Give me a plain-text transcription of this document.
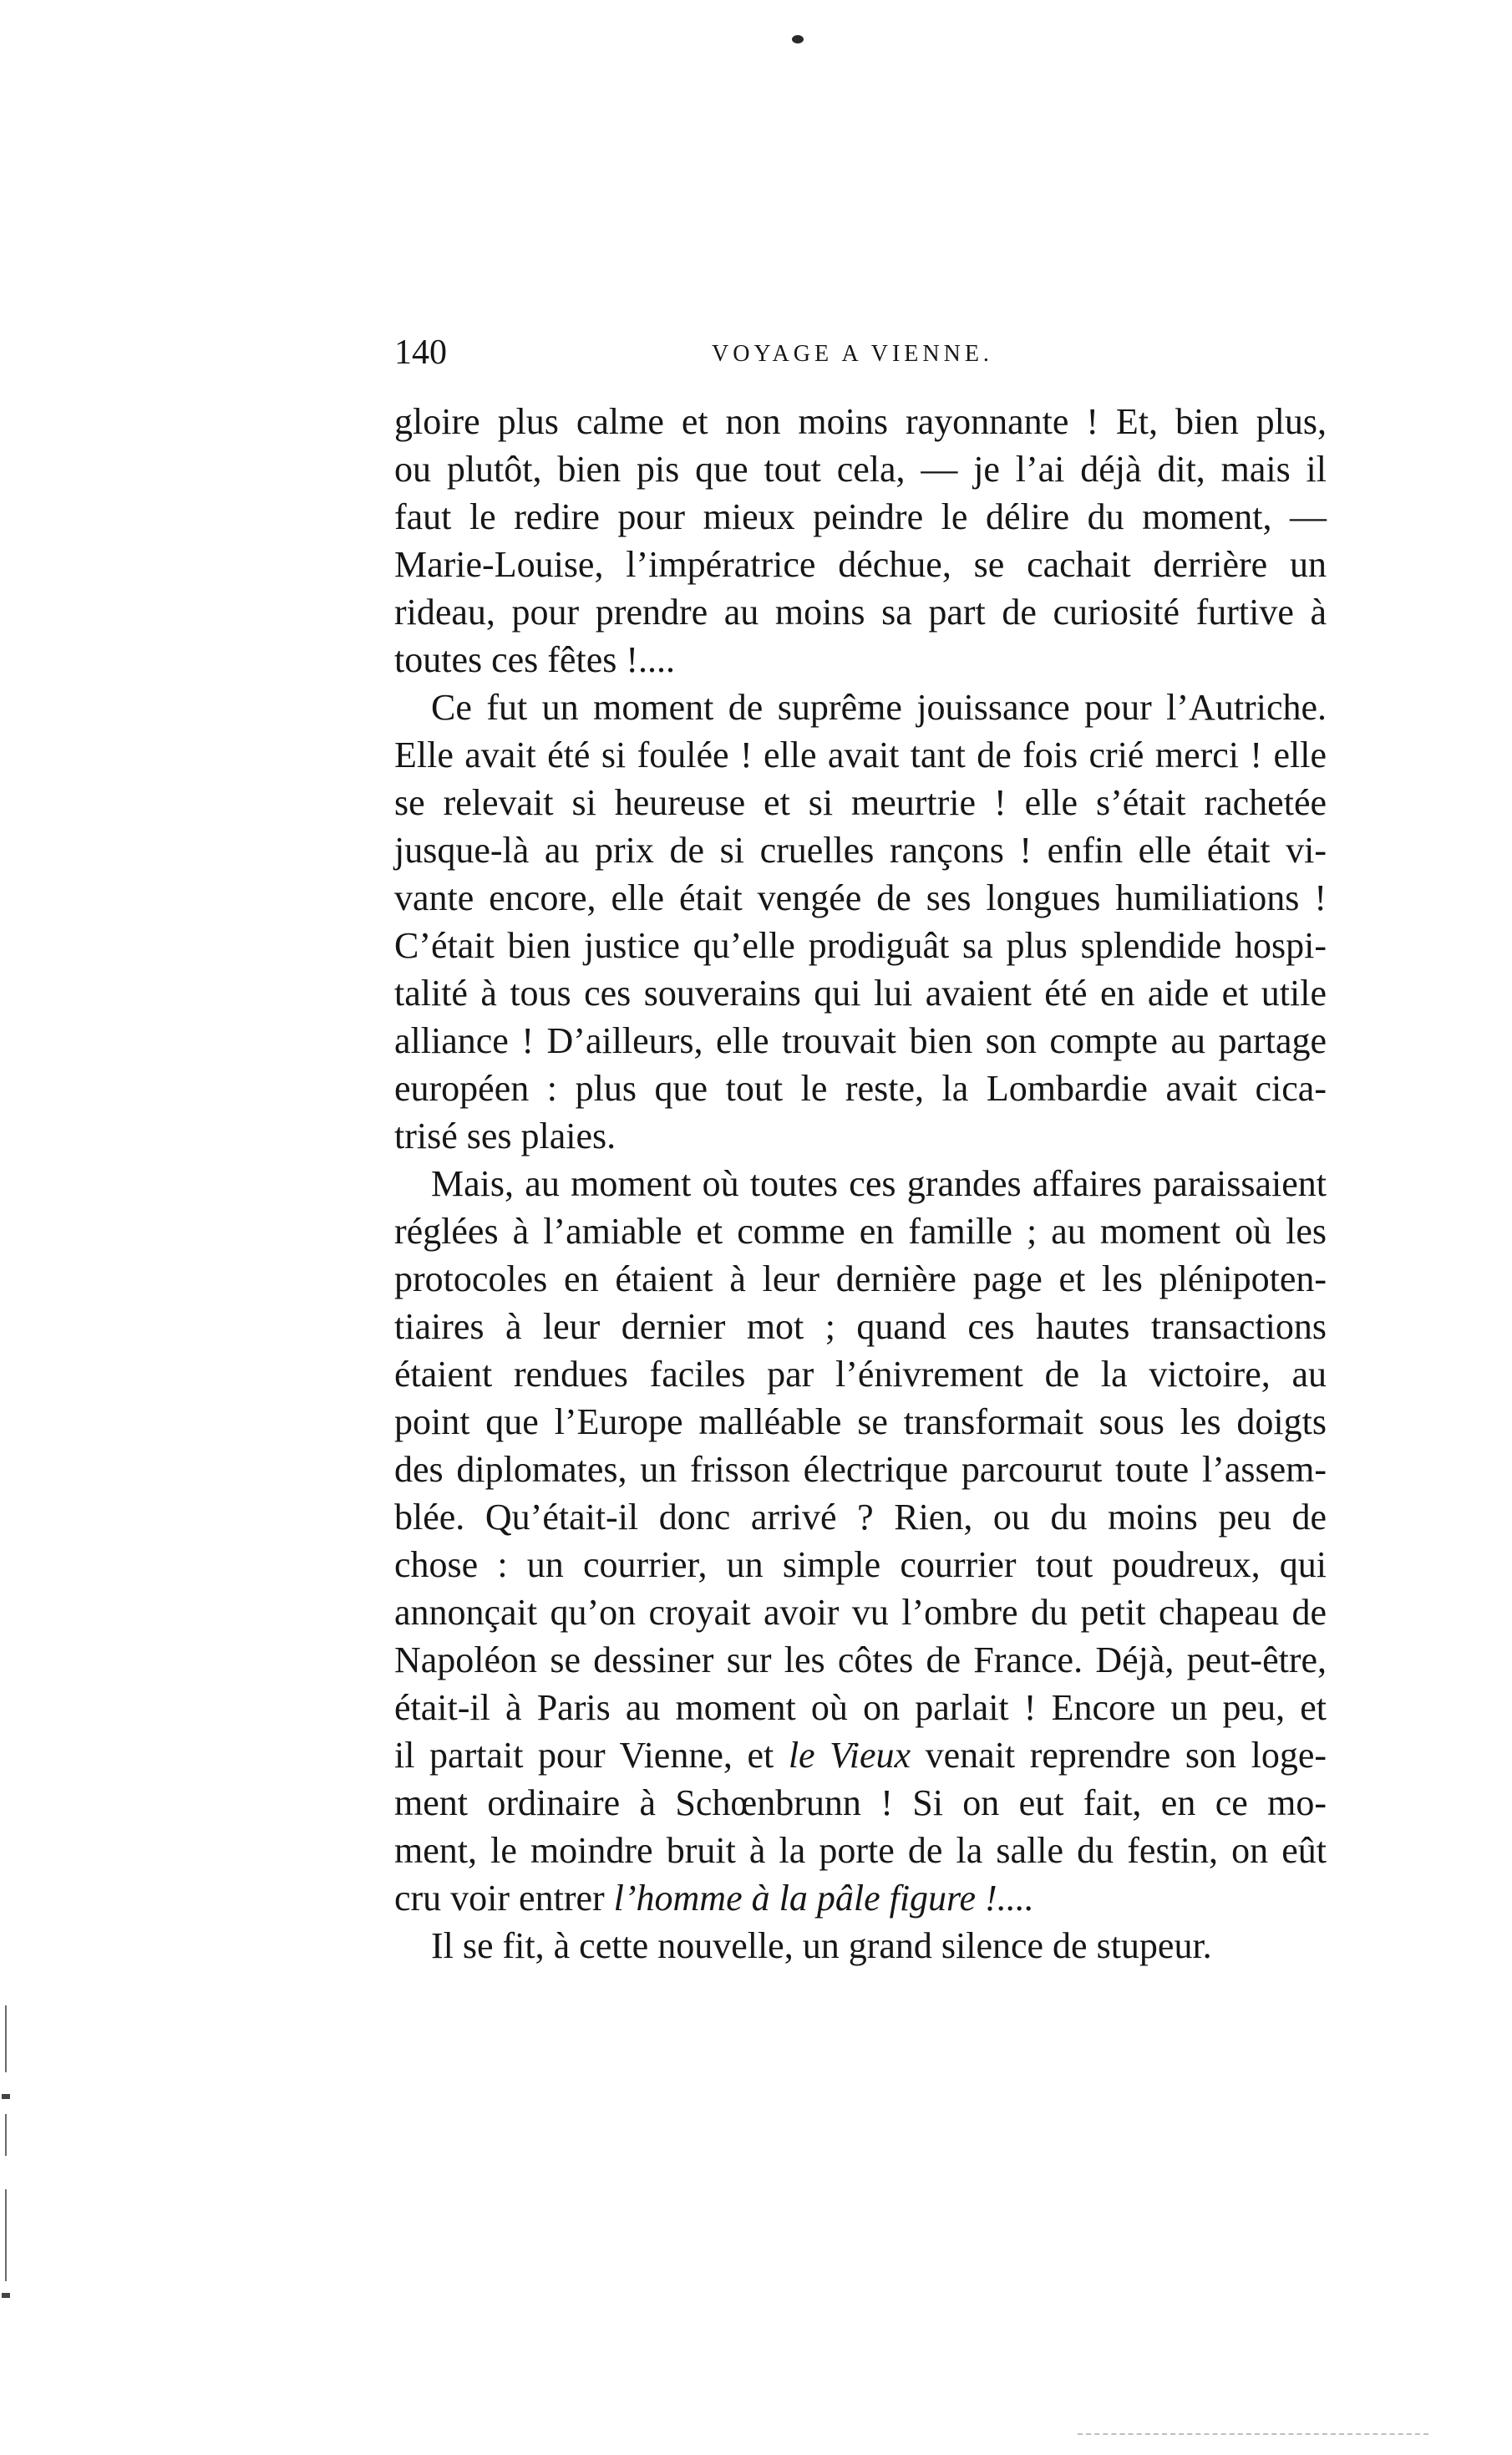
140	VOYAGE A VIENNE.
gloire plus calme et non moins rayonnante ! Et, bien plus,
ou plutôt, bien pis que tout cela, — je l’ai déjà dit, mais il
faut le redire pour mieux peindre le délire du moment, —
Marie-Louise, l’impératrice déchue, se cachait derrière un
rideau, pour prendre au moins sa part de curiosité furtive à
toutes ces fêtes !....
Ce fut un moment de suprême jouissance pour l’Autriche.
Elle avait été si foulée ! elle avait tant de fois crié merci ! elle
se relevait si heureuse et si meurtrie ! elle s’était rachetée
jusque-là au prix de si cruelles rançons ! enfin elle était vi-
vante encore, elle était vengée de ses longues humiliations !
C’était bien justice qu’elle prodiguât sa plus splendide hospi-
talité à tous ces souverains qui lui avaient été en aide et utile
alliance ! D’ailleurs, elle trouvait bien son compte au partage
européen : plus que tout le reste, la Lombardie avait cica-
trisé ses plaies.
Mais, au moment où toutes ces grandes affaires paraissaient
réglées à l’amiable et comme en famille ; au moment où les
protocoles en étaient à leur dernière page et les plénipoten-
tiaires à leur dernier mot ; quand ces hautes transactions
étaient rendues faciles par l’énivrement de la victoire, au
point que l’Europe malléable se transformait sous les doigts
des diplomates, un frisson électrique parcourut toute l’assem-
blée. Qu’était-il donc arrivé ? Rien, ou du moins peu de
chose : un courrier, un simple courrier tout poudreux, qui
annonçait qu’on croyait avoir vu l’ombre du petit chapeau de
Napoléon se dessiner sur les côtes de France. Déjà, peut-être,
était-il à Paris au moment où on parlait ! Encore un peu, et
il partait pour Vienne, et le Vieux venait reprendre son loge-
ment ordinaire à Schœnbrunn ! Si on eut fait, en ce mo-
ment, le moindre bruit à la porte de la salle du festin, on eût
cru voir entrer l’homme à la pâle figure !....
Il se fit, à cette nouvelle, un grand silence de stupeur.
